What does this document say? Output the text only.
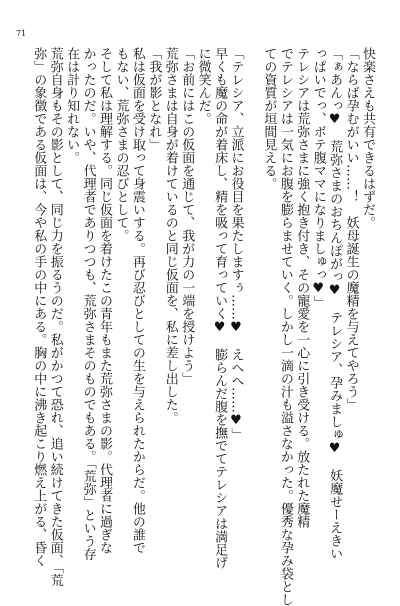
71
快楽さえも共有できるはずだ。
「ならば孕むがいい……！　妖母誕生の魔精を与えてやろう」
「ぁあんっ♥　荒弥さまのおちんぽがっ♥　テレシア、孕みましゅ♥　妖魔せーえきい
っぱいでっ、ボテ腹ママになりましゅっ♥」
テレシアは荒弥さまに強く抱き付き、その寵愛を一心に引き受ける。放たれた魔精
でテレシアは一気にお腹を膨らませていく。しかし一滴の汁も溢さなかった。優秀な孕み袋とし
ての資質が垣間見える。
「テレシア、立派にお役目を果たしますぅ……♥　えへへ……♥」
早くも魔の命が着床し、精を吸って育っていく♥　膨らんだ腹を撫でてテレシアは満足げ
に微笑んだ。
「お前にはこの仮面を通じて、我が力の一端を授けよう」
荒弥さまは自身が着けているのと同じ仮面を、私に差し出した。
「我が影となれ」
私は仮面を受け取って身震いする。再び忍びとしての生を与えられたからだ。他の誰で
もない、荒弥さまの忍びとして。
そして私は理解する。同じ仮面を着けたこの青年もまた荒弥さまの影。代理者に過ぎな
かったのだ。いや、代理者でありつつも、荒弥さまそのものでもある。「荒弥」という存
在は計り知れない。
荒弥自身もその影として、同じ力を振るうのだ。私がかつて恐れ、追い続けてきた仮面、「荒
弥」の象徴である仮面は、今や私の手の中にある。胸の中に沸き起こり燃え上がる、昏く
